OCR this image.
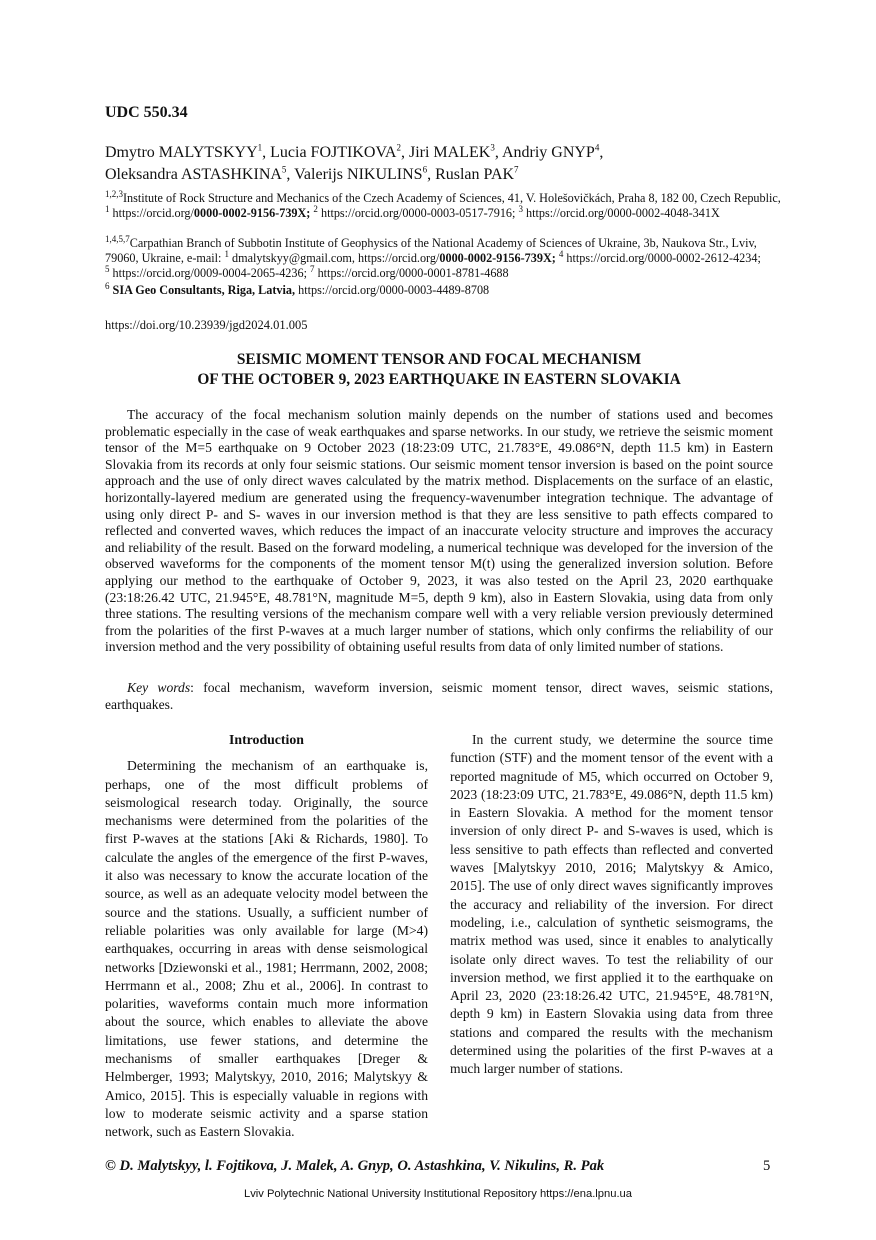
UDC 550.34
Dmytro MALYTSKYY$^1$, Lucia FOJTIKOVA$^2$, Jiri MALEK$^3$, Andriy GNYP$^4$,
Oleksandra ASTASHKINA$^5$, Valerijs NIKULINS$^6$, Ruslan PAK$^7$
$^{1,2,3}$Institute of Rock Structure and Mechanics of the Czech Academy of Sciences, 41, V. Holešovičkách, Praha 8, 182 00, Czech Republic, $^1$ https://orcid.org/0000-0002-9156-739X; $^2$ https://orcid.org/0000-0003-0517-7916; $^3$ https://orcid.org/0000-0002-4048-341X
$^{1,4,5,7}$Carpathian Branch of Subbotin Institute of Geophysics of the National Academy of Sciences of Ukraine, 3b, Naukova Str., Lviv, 79060, Ukraine, e-mail: $^1$ dmalytskyy@gmail.com, https://orcid.org/0000-0002-9156-739X; $^4$ https://orcid.org/0000-0002-2612-4234; $^5$ https://orcid.org/0009-0004-2065-4236; $^7$ https://orcid.org/0000-0001-8781-4688
$^6$ SIA Geo Consultants, Riga, Latvia, https://orcid.org/0000-0003-4489-8708
https://doi.org/10.23939/jgd2024.01.005
SEISMIC MOMENT TENSOR AND FOCAL MECHANISM
OF THE OCTOBER 9, 2023 EARTHQUAKE IN EASTERN SLOVAKIA
The accuracy of the focal mechanism solution mainly depends on the number of stations used and becomes problematic especially in the case of weak earthquakes and sparse networks. In our study, we retrieve the seismic moment tensor of the M=5 earthquake on 9 October 2023 (18:23:09 UTC, 21.783°E, 49.086°N, depth 11.5 km) in Eastern Slovakia from its records at only four seismic stations. Our seismic moment tensor inversion is based on the point source approach and the use of only direct waves calculated by the matrix method. Displacements on the surface of an elastic, horizontally-layered medium are generated using the frequency-wavenumber integration technique. The advantage of using only direct P- and S- waves in our inversion method is that they are less sensitive to path effects compared to reflected and converted waves, which reduces the impact of an inaccurate velocity structure and improves the accuracy and reliability of the result. Based on the forward modeling, a numerical technique was developed for the inversion of the observed waveforms for the components of the moment tensor M(t) using the generalized inversion solution. Before applying our method to the earthquake of October 9, 2023, it was also tested on the April 23, 2020 earthquake (23:18:26.42 UTC, 21.945°E, 48.781°N, magnitude M=5, depth 9 km), also in Eastern Slovakia, using data from only three stations. The resulting versions of the mechanism compare well with a very reliable version previously determined from the polarities of the first P-waves at a much larger number of stations, which only confirms the reliability of our inversion method and the very possibility of obtaining useful results from data of only limited number of stations.
Key words: focal mechanism, waveform inversion, seismic moment tensor, direct waves, seismic stations, earthquakes.
Introduction

Determining the mechanism of an earthquake is, perhaps, one of the most difficult problems of seismological research today. Originally, the source mechanisms were determined from the polarities of the first P-waves at the stations [Aki & Richards, 1980]. To calculate the angles of the emergence of the first P-waves, it also was necessary to know the accurate location of the source, as well as an adequate velocity model between the source and the stations. Usually, a sufficient number of reliable polarities was only available for large (M>4) earthquakes, occurring in areas with dense seismological networks [Dziewonski et al., 1981; Herrmann, 2002, 2008; Herrmann et al., 2008; Zhu et al., 2006]. In contrast to polarities, waveforms contain much more information about the source, which enables to alleviate the above limitations, use fewer stations, and determine the mechanisms of smaller earthquakes [Dreger & Helmberger, 1993; Malytskyy, 2010, 2016; Malytskyy & Amico, 2015]. This is especially valuable in regions with low to moderate seismic activity and a sparse station network, such as Eastern Slovakia.

In the current study, we determine the source time function (STF) and the moment tensor of the event with a reported magnitude of M5, which occurred on October 9, 2023 (18:23:09 UTC, 21.783°E, 49.086°N, depth 11.5 km) in Eastern Slovakia. A method for the moment tensor inversion of only direct P- and S-waves is used, which is less sensitive to path effects than reflected and converted waves [Malytskyy 2010, 2016; Malytskyy & Amico, 2015]. The use of only direct waves significantly improves the accuracy and reliability of the inversion. For direct modeling, i.e., calculation of synthetic seismograms, the matrix method was used, since it enables to analytically isolate only direct waves. To test the reliability of our inversion method, we first applied it to the earthquake on April 23, 2020 (23:18:26.42 UTC, 21.945°E, 48.781°N, depth 9 km) in Eastern Slovakia using data from three stations and compared the results with the mechanism determined using the polarities of the first P-waves at a much larger number of stations.

© D. Malytskyy, l. Fojtikova, J. Malek, A. Gnyp, O. Astashkina, V. Nikulins, R. Pak	5
Lviv Polytechnic National University Institutional Repository https://ena.lpnu.ua
